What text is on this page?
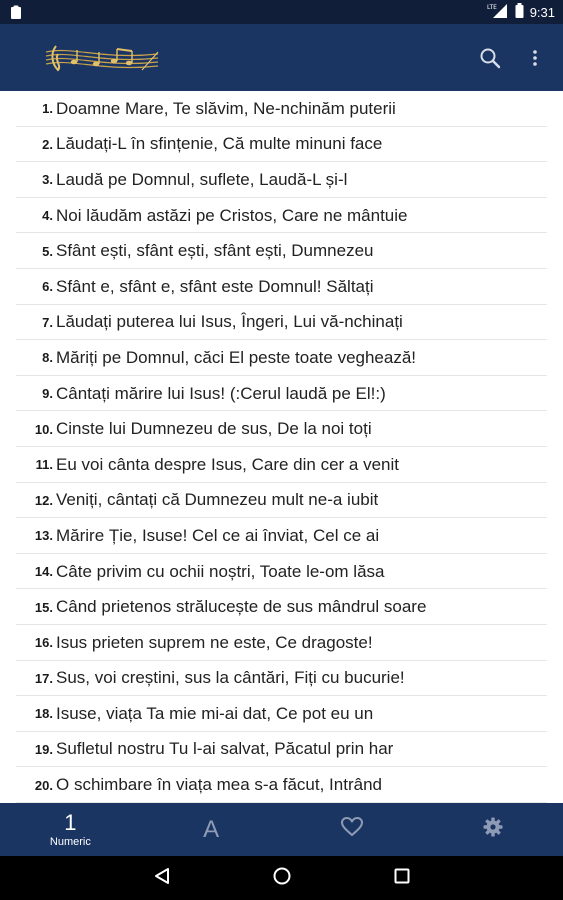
LTE	9:31
1. Doamne Mare, Te slăvim, Ne-nchinăm puterii
2. Lăudați-L în sfințenie, Că multe minuni face
3. Laudă pe Domnul, suflete, Laudă-L și-l
4. Noi lăudăm astăzi pe Cristos, Care ne mântuie
5. Sfânt ești, sfânt ești, sfânt ești, Dumnezeu
6. Sfânt e, sfânt e, sfânt este Domnul! Săltați
7. Lăudați puterea lui Isus, Îngeri, Lui vă-nchinați
8. Măriți pe Domnul, căci El peste toate veghează!
9. Cântați mărire lui Isus! (:Cerul laudă pe El!:)
10. Cinste lui Dumnezeu de sus, De la noi toți
11. Eu voi cânta despre Isus, Care din cer a venit
12. Veniți, cântați că Dumnezeu mult ne-a iubit
13. Mărire Ție, Isuse! Cel ce ai înviat, Cel ce ai
14. Câte privim cu ochii noștri, Toate le-om lăsa
15. Când prietenos strălucește de sus mândrul soare
16. Isus prieten suprem ne este, Ce dragoste!
17. Sus, voi creștini, sus la cântări, Fiți cu bucurie!
18. Isuse, viața Ta mie mi-ai dat, Ce pot eu un
19. Sufletul nostru Tu l-ai salvat, Păcatul prin har
20. O schimbare în viața mea s-a făcut, Intrând
1
Numeric	A
